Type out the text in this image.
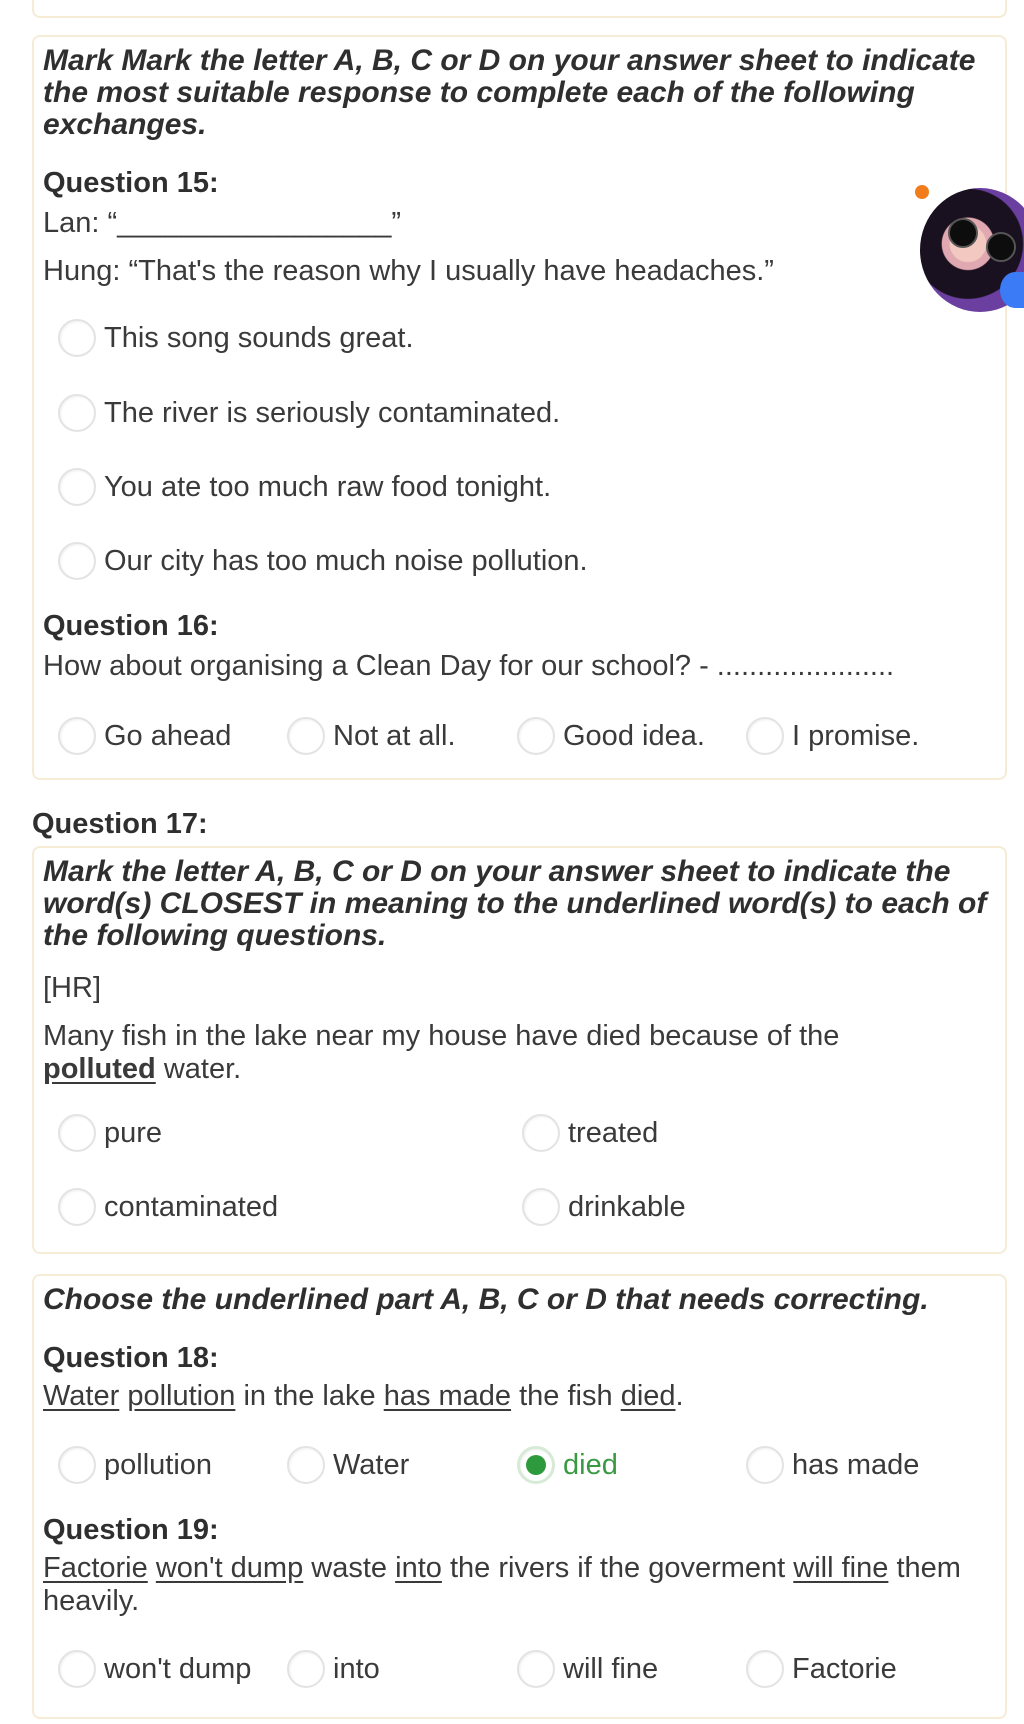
Mark Mark the letter A, B, C or D on your answer sheet to indicate the most suitable response to complete each of the following exchanges.

Question 15:

Lan: “_________________”

Hung: “That's the reason why I usually have headaches.”

This song sounds great.
The river is seriously contaminated.
You ate too much raw food tonight.
Our city has too much noise pollution.

Question 16:

How about organising a Clean Day for our school? - ......................

Go ahead	Not at all.	Good idea.	I promise.

Question 17:

Mark the letter A, B, C or D on your answer sheet to indicate the word(s) CLOSEST in meaning to the underlined word(s) to each of the following questions.

[HR]

Many fish in the lake near my house have died because of the polluted water.

pure	treated
contaminated	drinkable

Choose the underlined part A, B, C or D that needs correcting.

Question 18:

Water pollution in the lake has made the fish died.

pollution	Water	died	has made

Question 19:

Factorie won't dump waste into the rivers if the goverment will fine them heavily.

won't dump	into	will fine	Factorie
